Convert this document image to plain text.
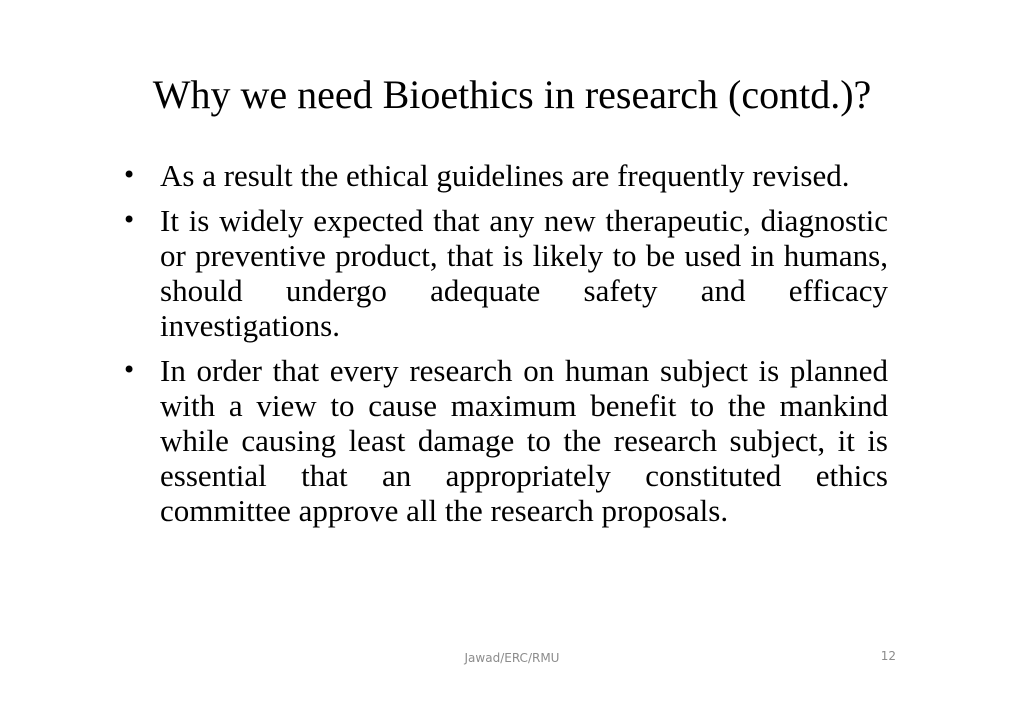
Why we need Bioethics in research (contd.)?
• As a result the ethical guidelines are frequently revised.
• It is widely expected that any new therapeutic, diagnostic or preventive product, that is likely to be used in humans, should undergo adequate safety and efficacy investigations.
• In order that every research on human subject is planned with a view to cause maximum benefit to the mankind while causing least damage to the research subject, it is essential that an appropriately constituted ethics committee approve all the research proposals.
Jawad/ERC/RMU	12
